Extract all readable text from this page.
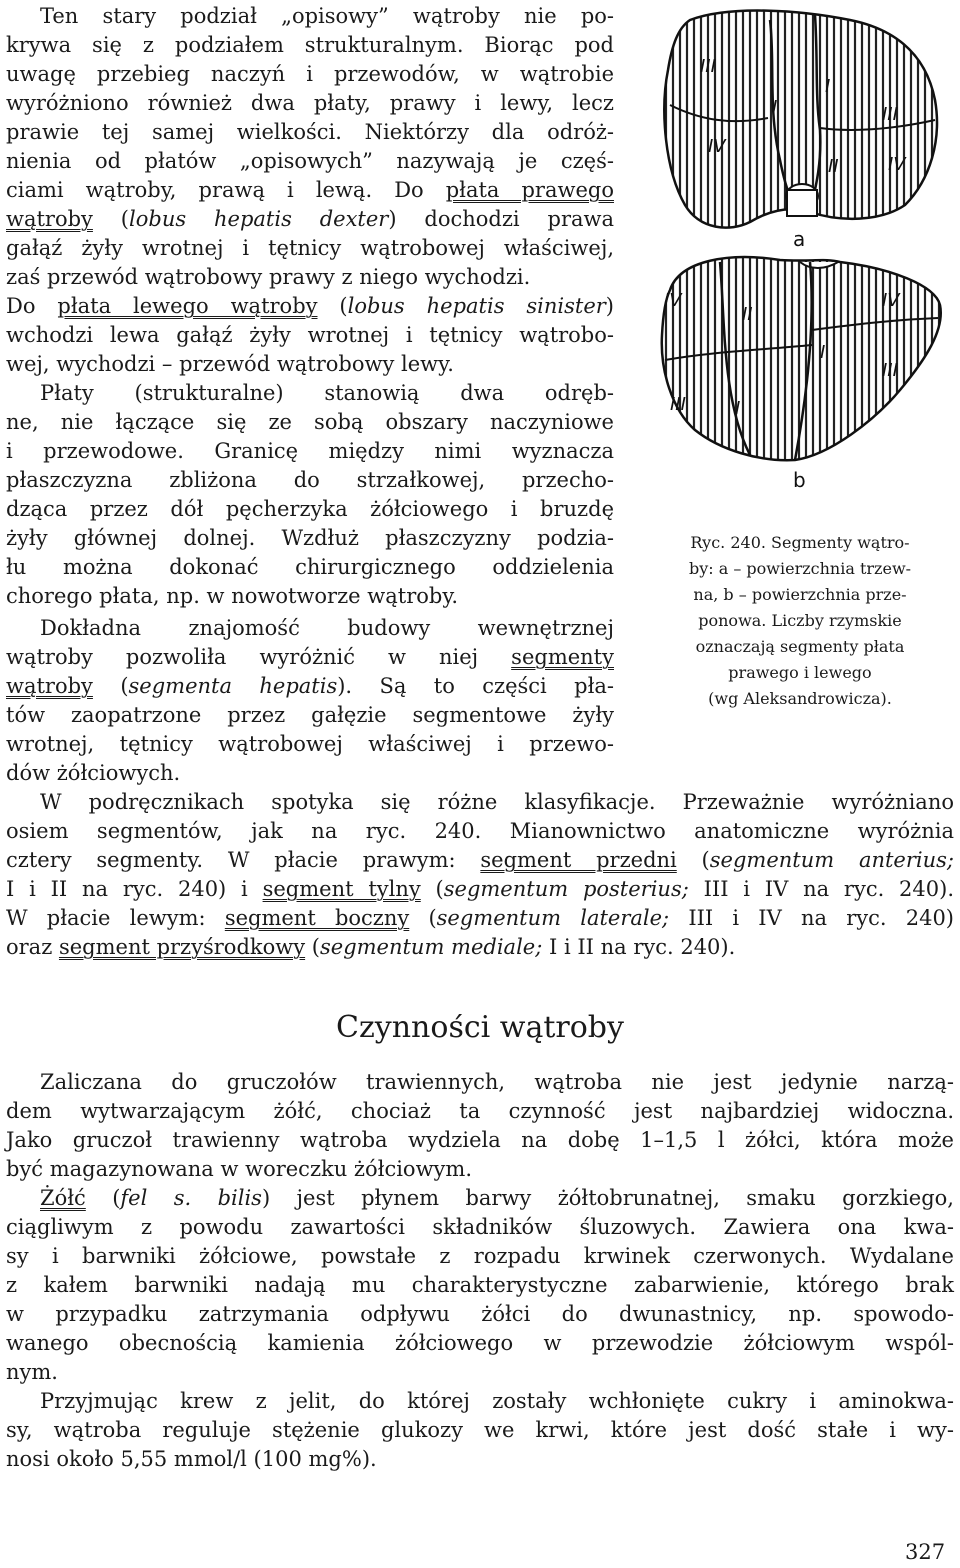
Ten stary podział „opisowy” wątroby nie po-
krywa się z podziałem strukturalnym. Biorąc pod
uwagę przebieg naczyń i przewodów, w wątrobie
wyróżniono również dwa płaty, prawy i lewy, lecz
prawie tej samej wielkości. Niektórzy dla odróż-
nienia od płatów „opisowych” nazywają je częś-
ciami wątroby, prawą i lewą. Do płata prawego
wątroby (lobus hepatis dexter) dochodzi prawa
gałąź żyły wrotnej i tętnicy wątrobowej właściwej,
zaś przewód wątrobowy prawy z niego wychodzi.
Do płata lewego wątroby (lobus hepatis sinister)
wchodzi lewa gałąź żyły wrotnej i tętnicy wątrobo-
wej, wychodzi – przewód wątrobowy lewy.
Płaty (strukturalne) stanowią dwa odręb-
ne, nie łączące się ze sobą obszary naczyniowe
i przewodowe. Granicę między nimi wyznacza
płaszczyzna zbliżona do strzałkowej, przecho-
dząca przez dół pęcherzyka żółciowego i bruzdę
żyły głównej dolnej. Wzdłuż płaszczyzny podzia-
łu można dokonać chirurgicznego oddzielenia
chorego płata, np. w nowotworze wątroby.
Dokładna znajomość budowy wewnętrznej
wątroby pozwoliła wyróżnić w niej segmenty
wątroby (segmenta hepatis). Są to części pła-
tów zaopatrzone przez gałęzie segmentowe żyły
wrotnej, tętnicy wątrobowej właściwej i przewo-
dów żółciowych.
W podręcznikach spotyka się różne klasyfikacje. Przeważnie wyróżniano
osiem segmentów, jak na ryc. 240. Mianownictwo anatomiczne wyróżnia
cztery segmenty. W płacie prawym: segment przedni (segmentum anterius;
I i II na ryc. 240) i segment tylny (segmentum posterius; III i IV na ryc. 240).
W płacie lewym: segment boczny (segmentum laterale; III i IV na ryc. 240)
oraz segment przyśrodkowy (segmentum mediale; I i II na ryc. 240).
Czynności wątroby
Zaliczana do gruczołów trawiennych, wątroba nie jest jedynie narzą-
dem wytwarzającym żółć, chociaż ta czynność jest najbardziej widoczna.
Jako gruczoł trawienny wątroba wydziela na dobę 1–1,5 l żółci, która może
być magazynowana w woreczku żółciowym.
Żółć (fel s. bilis) jest płynem barwy żółtobrunatnej, smaku gorzkiego,
ciągliwym z powodu zawartości składników śluzowych. Zawiera ona kwa-
sy i barwniki żółciowe, powstałe z rozpadu krwinek czerwonych. Wydalane
z kałem barwniki nadają mu charakterystyczne zabarwienie, którego brak
w przypadku zatrzymania odpływu żółci do dwunastnicy, np. spowodo-
wanego obecnością kamienia żółciowego w przewodzie żółciowym wspól-
nym.
Przyjmując krew z jelit, do której zostały wchłonięte cukry i aminokwa-
sy, wątroba reguluje stężenie glukozy we krwi, które jest dość stałe i wy-
nosi około 5,55 mmol/l (100 mg%).
327
III
IV
I
I
III
II	IV
a
IV
III
II
I
IV
I
III
b
Ryc. 240. Segmenty wątro-
by: a – powierzchnia trzew-
na, b – powierzchnia prze-
ponowa. Liczby rzymskie
oznaczają segmenty płata
prawego i lewego
(wg Aleksandrowicza).
